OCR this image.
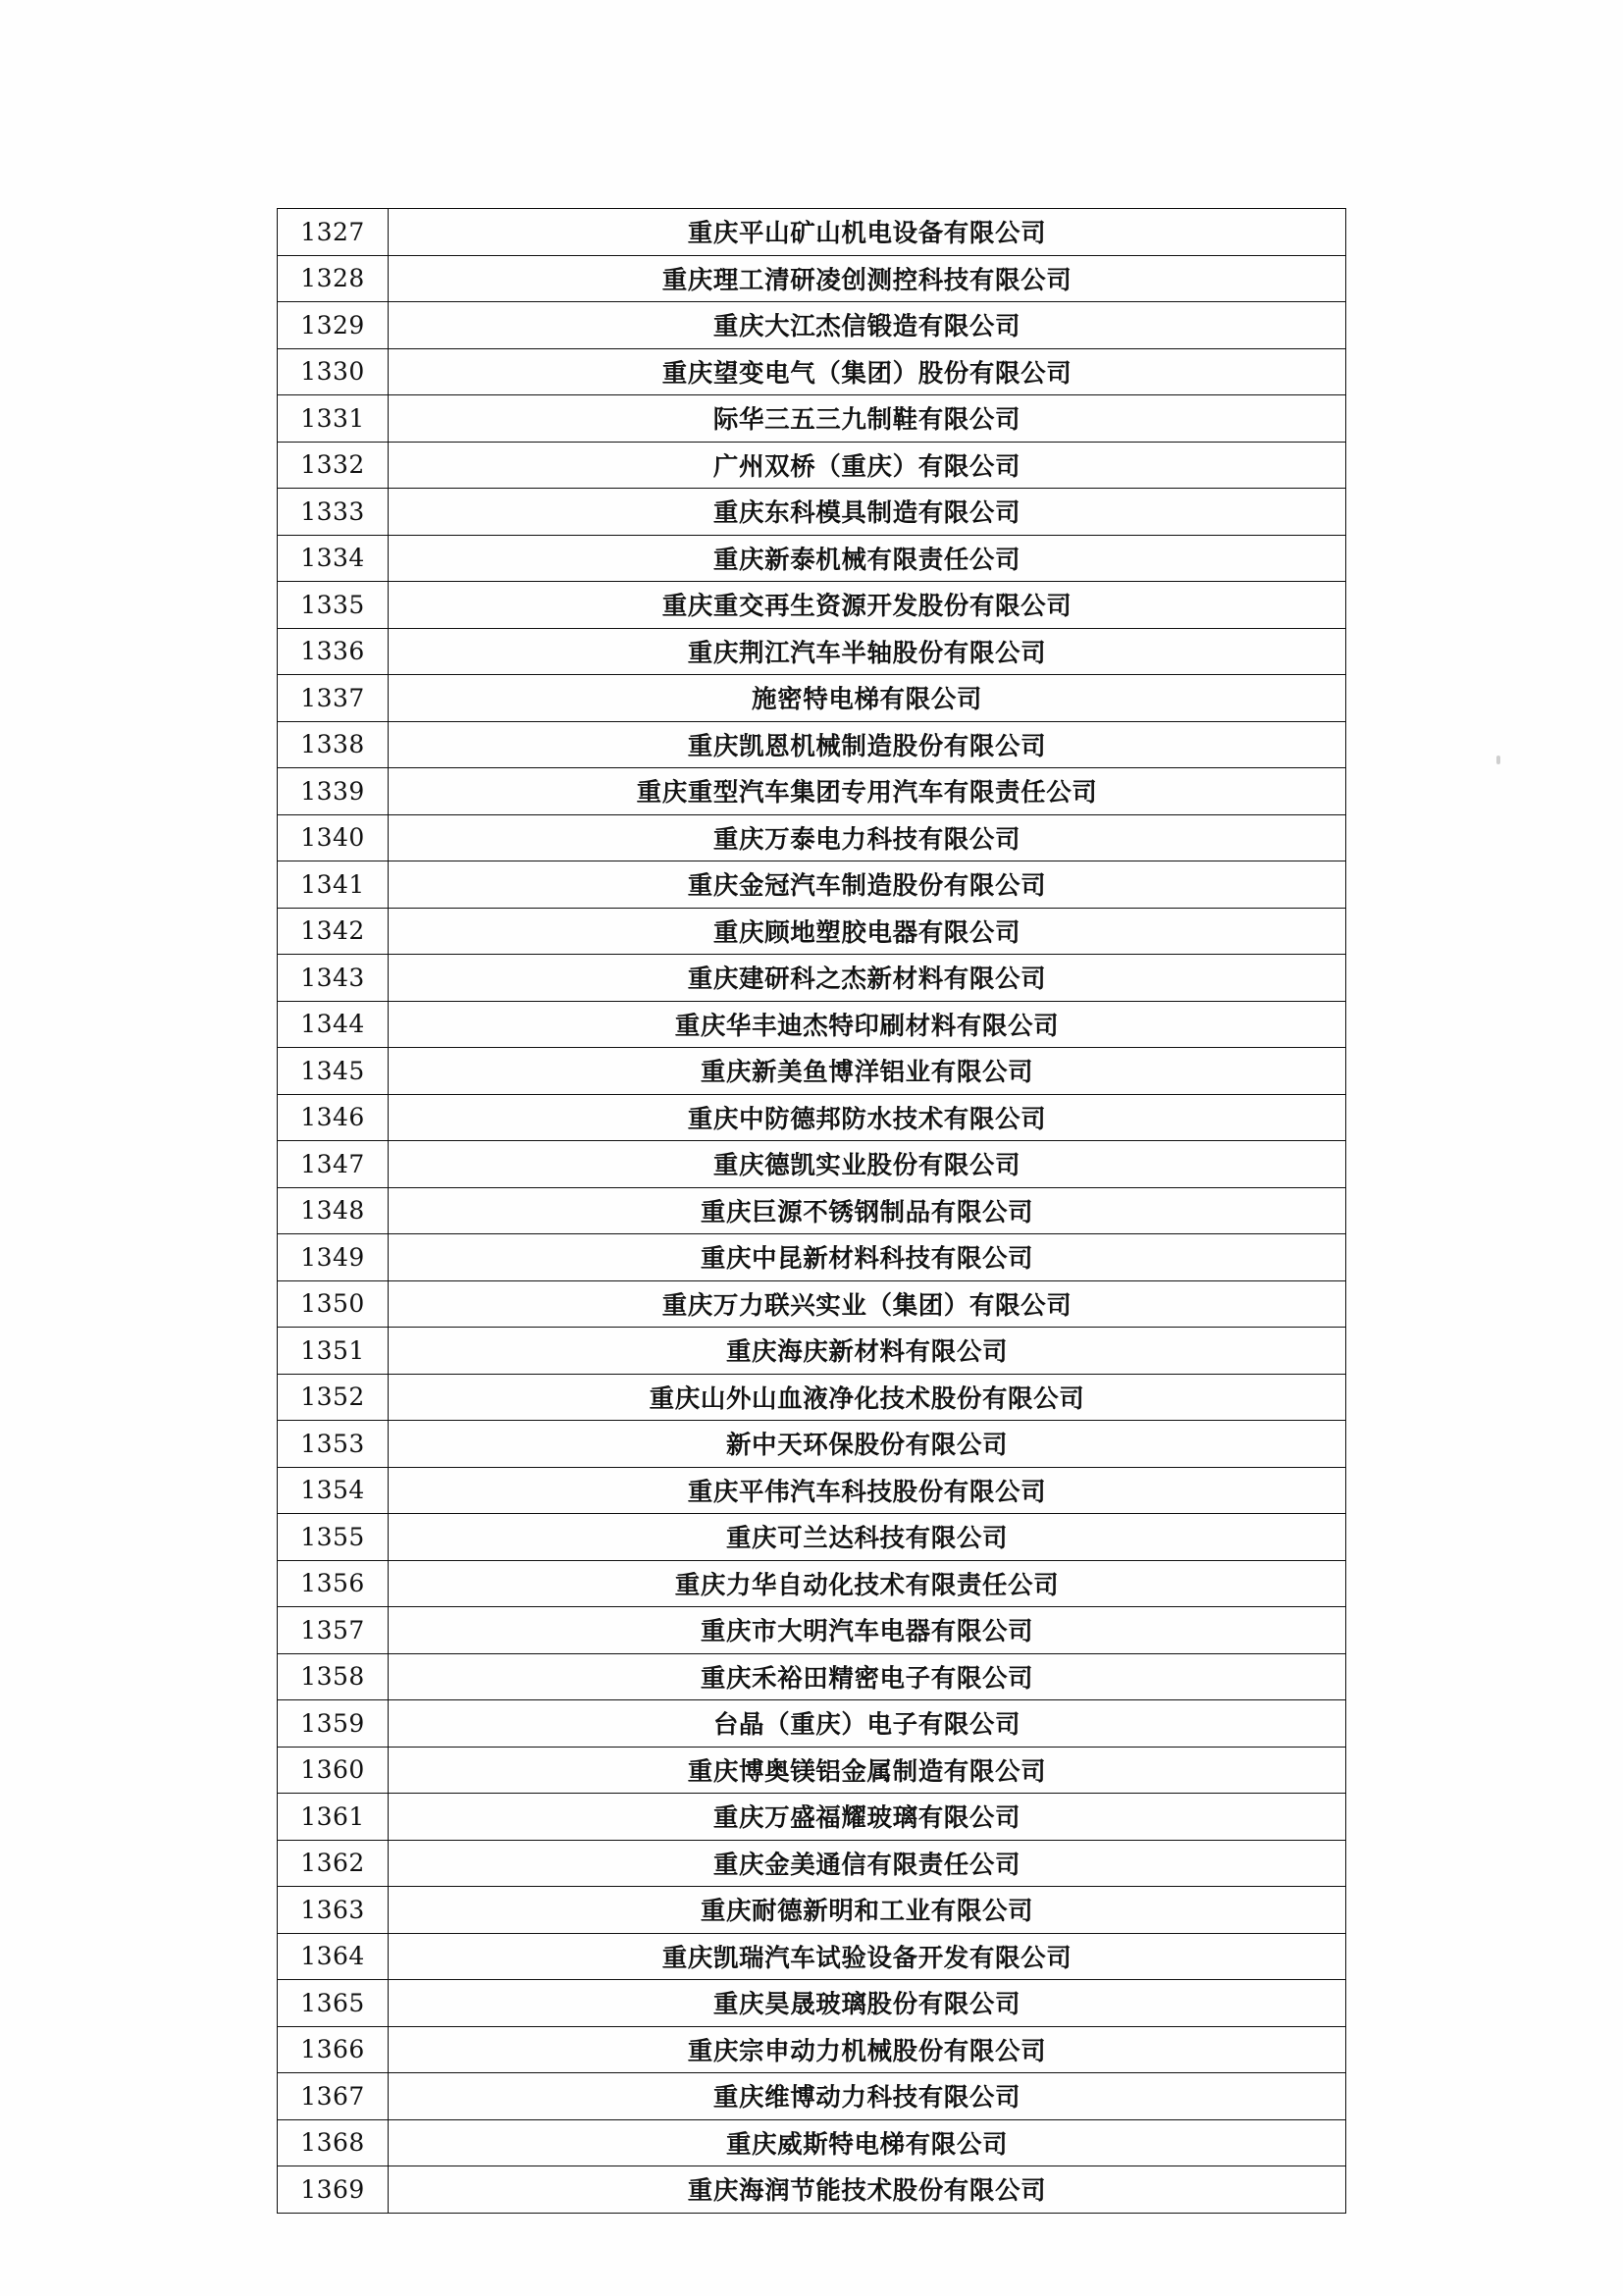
1327	重庆平山矿山机电设备有限公司
1328	重庆理工清研凌创测控科技有限公司
1329	重庆大江杰信锻造有限公司
1330	重庆望变电气（集团）股份有限公司
1331	际华三五三九制鞋有限公司
1332	广州双桥（重庆）有限公司
1333	重庆东科模具制造有限公司
1334	重庆新泰机械有限责任公司
1335	重庆重交再生资源开发股份有限公司
1336	重庆荆江汽车半轴股份有限公司
1337	施密特电梯有限公司
1338	重庆凯恩机械制造股份有限公司
1339	重庆重型汽车集团专用汽车有限责任公司
1340	重庆万泰电力科技有限公司
1341	重庆金冠汽车制造股份有限公司
1342	重庆顾地塑胶电器有限公司
1343	重庆建研科之杰新材料有限公司
1344	重庆华丰迪杰特印刷材料有限公司
1345	重庆新美鱼博洋铝业有限公司
1346	重庆中防德邦防水技术有限公司
1347	重庆德凯实业股份有限公司
1348	重庆巨源不锈钢制品有限公司
1349	重庆中昆新材料科技有限公司
1350	重庆万力联兴实业（集团）有限公司
1351	重庆海庆新材料有限公司
1352	重庆山外山血液净化技术股份有限公司
1353	新中天环保股份有限公司
1354	重庆平伟汽车科技股份有限公司
1355	重庆可兰达科技有限公司
1356	重庆力华自动化技术有限责任公司
1357	重庆市大明汽车电器有限公司
1358	重庆禾裕田精密电子有限公司
1359	台晶（重庆）电子有限公司
1360	重庆博奥镁铝金属制造有限公司
1361	重庆万盛福耀玻璃有限公司
1362	重庆金美通信有限责任公司
1363	重庆耐德新明和工业有限公司
1364	重庆凯瑞汽车试验设备开发有限公司
1365	重庆昊晟玻璃股份有限公司
1366	重庆宗申动力机械股份有限公司
1367	重庆维博动力科技有限公司
1368	重庆威斯特电梯有限公司
1369	重庆海润节能技术股份有限公司
